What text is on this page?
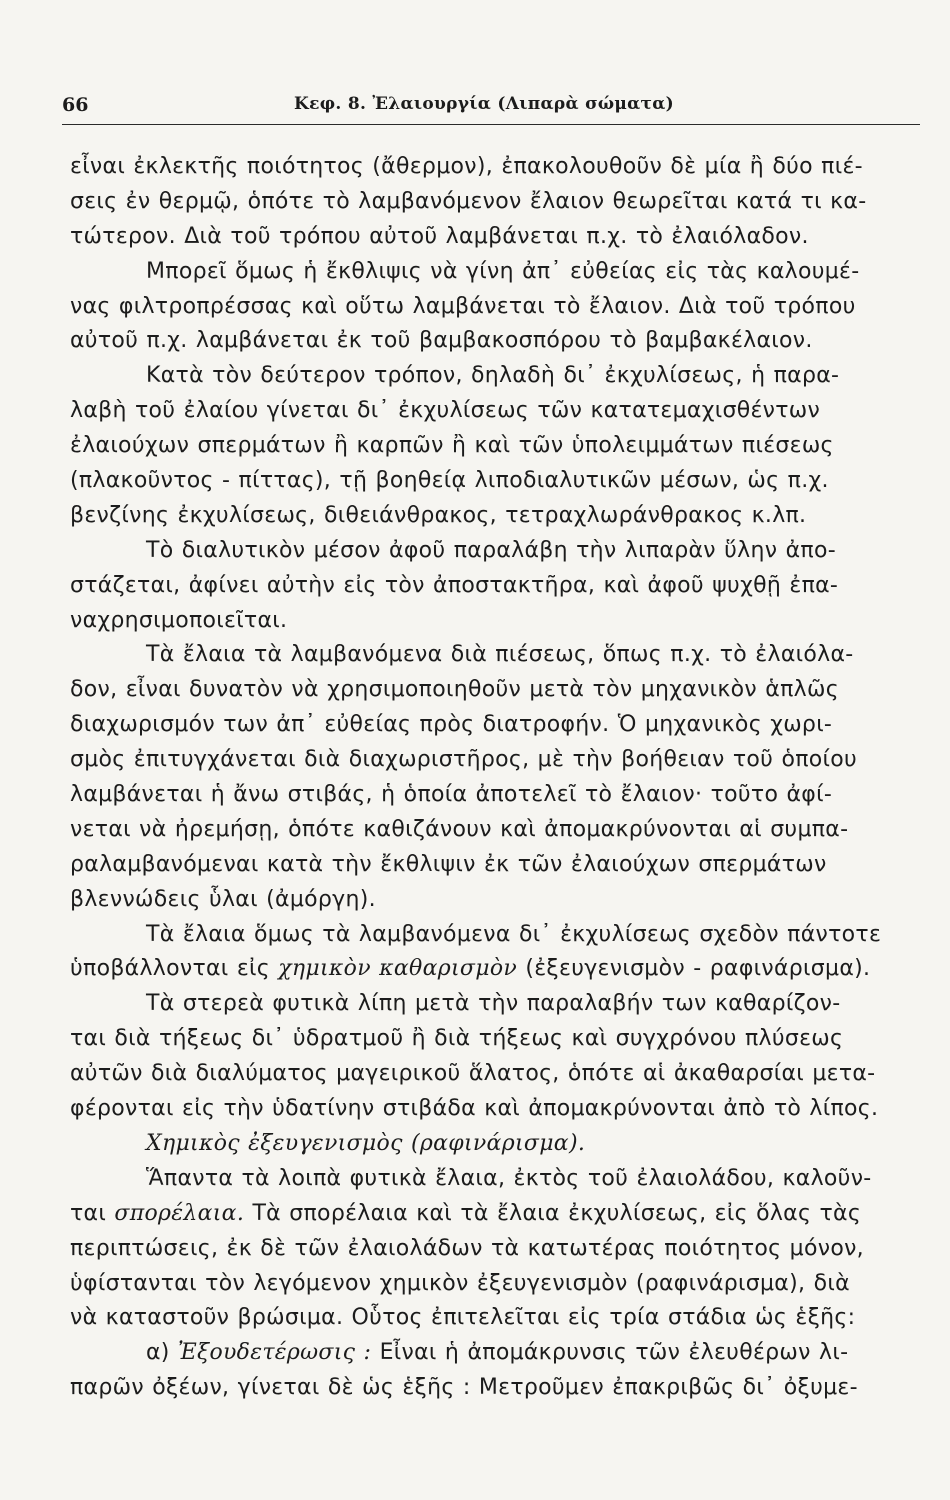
66	Κεφ. 8. Ἐλαιουργία (Λιπαρὰ σώματα)
εἶναι ἐκλεκτῆς ποιότητος (ἄθερμον), ἐπακολουθοῦν δὲ μία ἢ δύο πιέ-
σεις ἐν θερμῷ, ὁπότε τὸ λαμβανόμενον ἔλαιον θεωρεῖται κατά τι κα-
τώτερον. Διὰ τοῦ τρόπου αὐτοῦ λαμβάνεται π.χ. τὸ ἐλαιόλαδον.
Μπορεῖ ὅμως ἡ ἔκθλιψις νὰ γίνη ἀπ᾽ εὐθείας εἰς τὰς καλουμέ-
νας φιλτροπρέσσας καὶ οὕτω λαμβάνεται τὸ ἔλαιον. Διὰ τοῦ τρόπου
αὐτοῦ π.χ. λαμβάνεται ἐκ τοῦ βαμβακοσπόρου τὸ βαμβακέλαιον.
Κατὰ τὸν δεύτερον τρόπον, δηλαδὴ δι᾽ ἐκχυλίσεως, ἡ παρα-
λαβὴ τοῦ ἐλαίου γίνεται δι᾽ ἐκχυλίσεως τῶν κατατεμαχισθέντων
ἐλαιούχων σπερμάτων ἢ καρπῶν ἢ καὶ τῶν ὑπολειμμάτων πιέσεως
(πλακοῦντος - πίττας), τῇ βοηθείᾳ λιποδιαλυτικῶν μέσων, ὡς π.χ.
βενζίνης ἐκχυλίσεως, διθειάνθρακος, τετραχλωράνθρακος κ.λπ.
Τὸ διαλυτικὸν μέσον ἀφοῦ παραλάβη τὴν λιπαρὰν ὕλην ἀπο-
στάζεται, ἀφίνει αὐτὴν εἰς τὸν ἀποστακτῆρα, καὶ ἀφοῦ ψυχθῇ ἐπα-
ναχρησιμοποιεῖται.
Τὰ ἔλαια τὰ λαμβανόμενα διὰ πιέσεως, ὅπως π.χ. τὸ ἐλαιόλα-
δον, εἶναι δυνατὸν νὰ χρησιμοποιηθοῦν μετὰ τὸν μηχανικὸν ἁπλῶς
διαχωρισμόν των ἀπ᾽ εὐθείας πρὸς διατροφήν. Ὁ μηχανικὸς χωρι-
σμὸς ἐπιτυγχάνεται διὰ διαχωριστῆρος, μὲ τὴν βοήθειαν τοῦ ὁποίου
λαμβάνεται ἡ ἄνω στιβάς, ἡ ὁποία ἀποτελεῖ τὸ ἔλαιον· τοῦτο ἀφί-
νεται νὰ ἠρεμήσῃ, ὁπότε καθιζάνουν καὶ ἀπομακρύνονται αἱ συμπα-
ραλαμβανόμεναι κατὰ τὴν ἔκθλιψιν ἐκ τῶν ἐλαιούχων σπερμάτων
βλεννώδεις ὗλαι (ἀμόργη).
Τὰ ἔλαια ὅμως τὰ λαμβανόμενα δι᾽ ἐκχυλίσεως σχεδὸν πάντοτε
ὑποβάλλονται εἰς χημικὸν καθαρισμὸν (ἐξευγενισμὸν - ραφινάρισμα).
Τὰ στερεὰ φυτικὰ λίπη μετὰ τὴν παραλαβήν των καθαρίζον-
ται διὰ τήξεως δι᾽ ὑδρατμοῦ ἢ διὰ τήξεως καὶ συγχρόνου πλύσεως
αὐτῶν διὰ διαλύματος μαγειρικοῦ ἅλατος, ὁπότε αἱ ἀκαθαρσίαι μετα-
φέρονται εἰς τὴν ὑδατίνην στιβάδα καὶ ἀπομακρύνονται ἀπὸ τὸ λίπος.
Χημικὸς ἐξευγενισμὸς (ραφινάρισμα).
Ἅπαντα τὰ λοιπὰ φυτικὰ ἔλαια, ἐκτὸς τοῦ ἐλαιολάδου, καλοῦν-
ται σπορέλαια. Τὰ σπορέλαια καὶ τὰ ἔλαια ἐκχυλίσεως, εἰς ὅλας τὰς
περιπτώσεις, ἐκ δὲ τῶν ἐλαιολάδων τὰ κατωτέρας ποιότητος μόνον,
ὑφίστανται τὸν λεγόμενον χημικὸν ἐξευγενισμὸν (ραφινάρισμα), διὰ
νὰ καταστοῦν βρώσιμα. Οὗτος ἐπιτελεῖται εἰς τρία στάδια ὡς ἑξῆς:
α) Ἐξουδετέρωσις : Εἶναι ἡ ἀπομάκρυνσις τῶν ἐλευθέρων λι-
παρῶν ὀξέων, γίνεται δὲ ὡς ἑξῆς : Μετροῦμεν ἐπακριβῶς δι᾽ ὀξυμε-
